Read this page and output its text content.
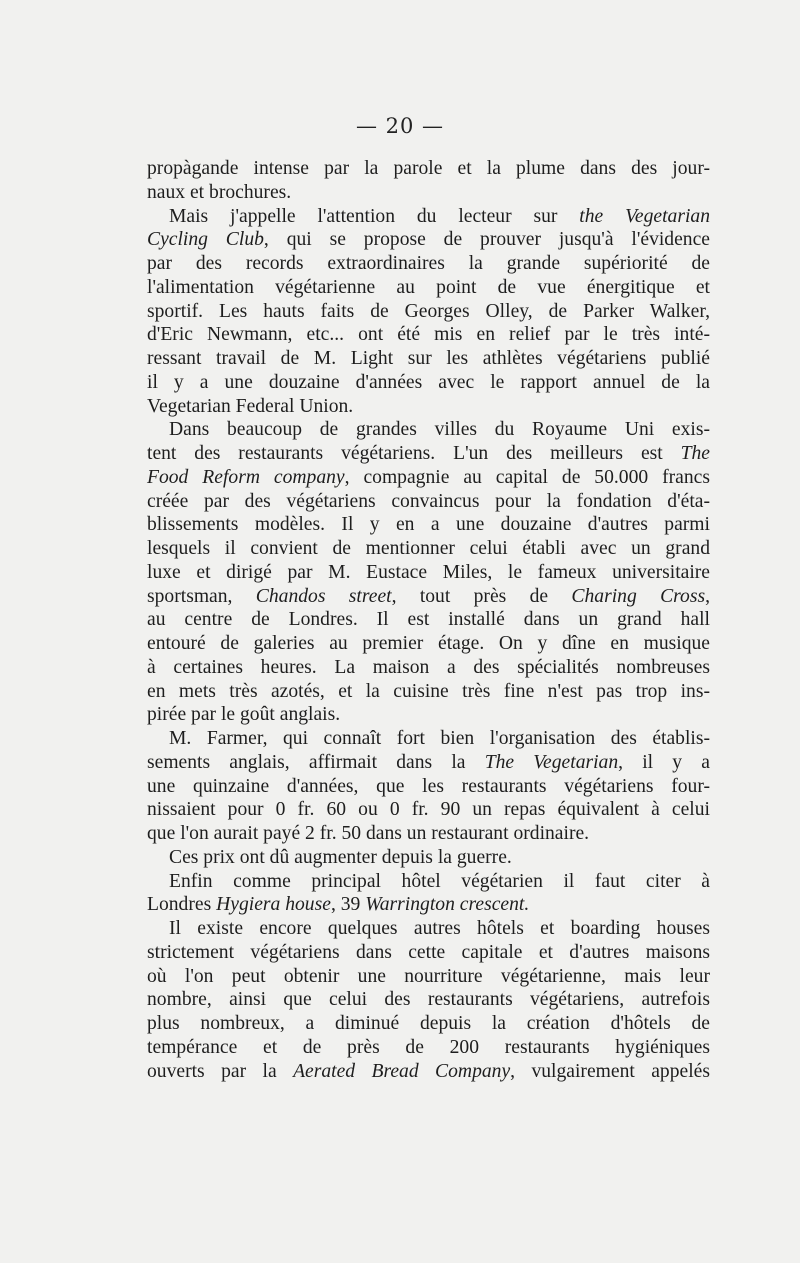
— 20 —
propàgande intense par la parole et la plume dans des jour-
naux et brochures.
Mais j'appelle l'attention du lecteur sur the Vegetarian
Cycling Club, qui se propose de prouver jusqu'à l'évidence
par des records extraordinaires la grande supériorité de
l'alimentation végétarienne au point de vue énergitique et
sportif. Les hauts faits de Georges Olley, de Parker Walker,
d'Eric Newmann, etc... ont été mis en relief par le très inté-
ressant travail de M. Light sur les athlètes végétariens publié
il y a une douzaine d'années avec le rapport annuel de la
Vegetarian Federal Union.
Dans beaucoup de grandes villes du Royaume Uni exis-
tent des restaurants végétariens. L'un des meilleurs est The
Food Reform company, compagnie au capital de 50.000 francs
créée par des végétariens convaincus pour la fondation d'éta-
blissements modèles. Il y en a une douzaine d'autres parmi
lesquels il convient de mentionner celui établi avec un grand
luxe et dirigé par M. Eustace Miles, le fameux universitaire
sportsman, Chandos street, tout près de Charing Cross,
au centre de Londres. Il est installé dans un grand hall
entouré de galeries au premier étage. On y dîne en musique
à certaines heures. La maison a des spécialités nombreuses
en mets très azotés, et la cuisine très fine n'est pas trop ins-
pirée par le goût anglais.
M. Farmer, qui connaît fort bien l'organisation des établis-
sements anglais, affirmait dans la The Vegetarian, il y a
une quinzaine d'années, que les restaurants végétariens four-
nissaient pour 0 fr. 60 ou 0 fr. 90 un repas équivalent à celui
que l'on aurait payé 2 fr. 50 dans un restaurant ordinaire.
Ces prix ont dû augmenter depuis la guerre.
Enfin comme principal hôtel végétarien il faut citer à
Londres Hygiera house, 39 Warrington crescent.
Il existe encore quelques autres hôtels et boarding houses
strictement végétariens dans cette capitale et d'autres maisons
où l'on peut obtenir une nourriture végétarienne, mais leur
nombre, ainsi que celui des restaurants végétariens, autrefois
plus nombreux, a diminué depuis la création d'hôtels de
tempérance et de près de 200 restaurants hygiéniques
ouverts par la Aerated Bread Company, vulgairement appelés
